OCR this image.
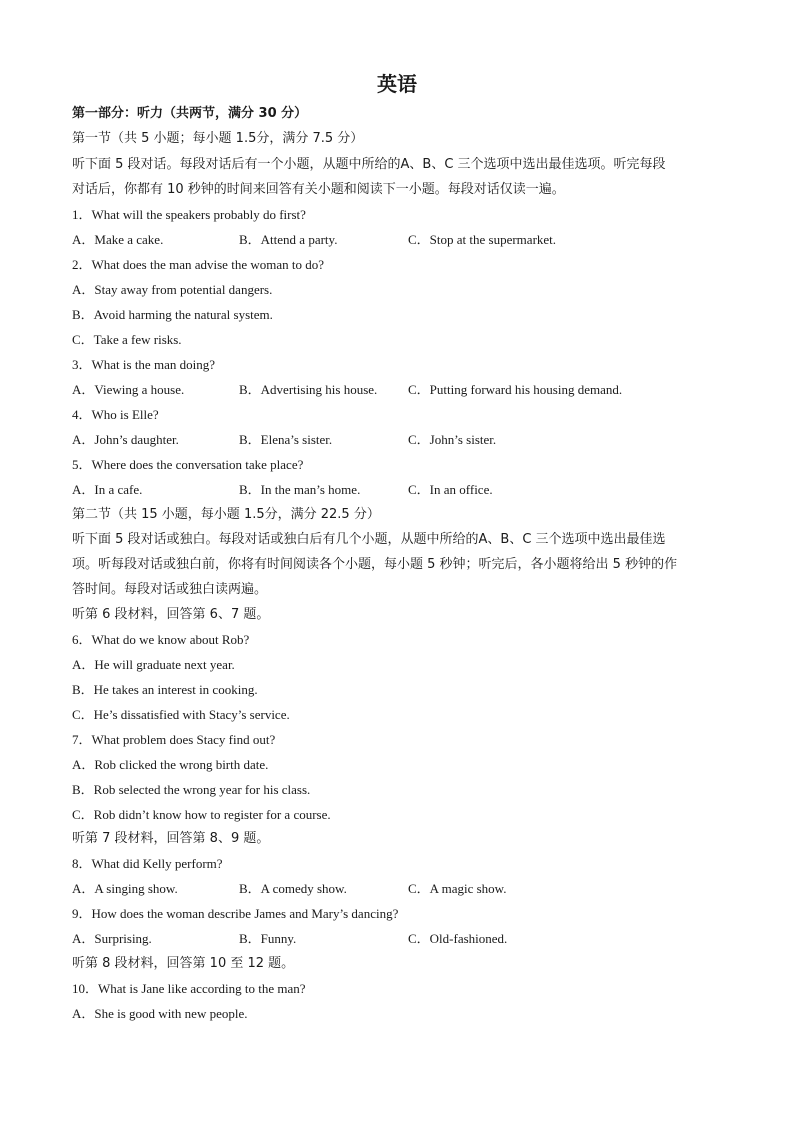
英语
第一部分：听力（共两节，满分 30 分）
第一节（共 5 小题；每小题 1.5分，满分 7.5 分）
听下面 5 段对话。每段对话后有一个小题，从题中所给的A、B、C 三个选项中选出最佳选项。听完每段
对话后，你都有 10 秒钟的时间来回答有关小题和阅读下一小题。每段对话仅读一遍。
1．What will the speakers probably do first?
A．Make a cake.	B．Attend a party.	C．Stop at the supermarket.
2．What does the man advise the woman to do?
A．Stay away from potential dangers.
B．Avoid harming the natural system.
C．Take a few risks.
3．What is the man doing?
A．Viewing a house.	B．Advertising his house. C．Putting forward his housing demand.
4．Who is Elle?
A．John’s daughter.	B．Elena’s sister.	C．John’s sister.
5．Where does the conversation take place?
A．In a cafe.	B．In the man’s home.	C．In an office.
第二节（共 15 小题，每小题 1.5分，满分 22.5 分）
听下面 5 段对话或独白。每段对话或独白后有几个小题，从题中所给的A、B、C 三个选项中选出最佳选
项。听每段对话或独白前，你将有时间阅读各个小题，每小题 5 秒钟；听完后，各小题将给出 5 秒钟的作
答时间。每段对话或独白读两遍。
听第 6 段材料，回答第 6、7 题。
6．What do we know about Rob?
A．He will graduate next year.
B．He takes an interest in cooking.
C．He’s dissatisfied with Stacy’s service.
7．What problem does Stacy find out?
A．Rob clicked the wrong birth date.
B．Rob selected the wrong year for his class.
C．Rob didn’t know how to register for a course.
听第 7 段材料，回答第 8、9 题。
8．What did Kelly perform?
A．A singing show.	B．A comedy show.	C．A magic show.
9．How does the woman describe James and Mary’s dancing?
A．Surprising.	B．Funny.	C．Old-fashioned.
听第 8 段材料，回答第 10 至 12 题。
10．What is Jane like according to the man?
A．She is good with new people.
